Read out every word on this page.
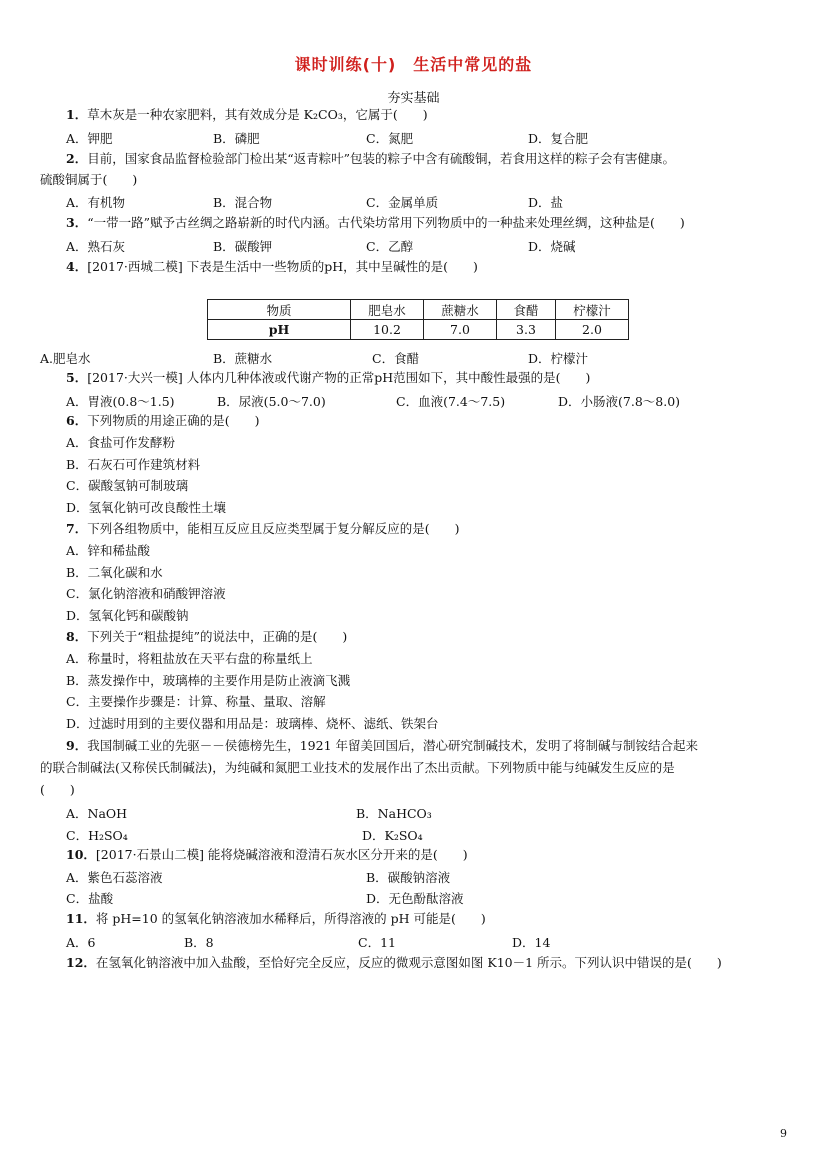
课时训练(十)　生活中常见的盐
夯实基础
1．草木灰是一种农家肥料，其有效成分是 K₂CO₃，它属于(　　)
A．钾肥	B．磷肥	C．氮肥	D．复合肥
2．目前，国家食品监督检验部门检出某“返青粽叶”包装的粽子中含有硫酸铜，若食用这样的粽子会有害健康。
硫酸铜属于(　　)
A．有机物	B．混合物	C．金属单质	D．盐
3．“一带一路”赋予古丝绸之路崭新的时代内涵。古代染坊常用下列物质中的一种盐来处理丝绸，这种盐是(　　)
A．熟石灰	B．碳酸钾	C．乙醇	D．烧碱
4．[2017·西城二模] 下表是生活中一些物质的pH，其中呈碱性的是(　　)
物质	肥皂水	蔗糖水	食醋	柠檬汁
pH	10.2	7.0	3.3	2.0
A.肥皂水	B．蔗糖水	C．食醋	D．柠檬汁
5．[2017·大兴一模] 人体内几种体液或代谢产物的正常pH范围如下，其中酸性最强的是(　　)
A．胃液(0.8～1.5)	B．尿液(5.0～7.0)	C．血液(7.4～7.5)	D．小肠液(7.8～8.0)
6．下列物质的用途正确的是(　　)
A．食盐可作发酵粉
B．石灰石可作建筑材料
C．碳酸氢钠可制玻璃
D．氢氧化钠可改良酸性土壤
7．下列各组物质中，能相互反应且反应类型属于复分解反应的是(　　)
A．锌和稀盐酸
B．二氧化碳和水
C．氯化钠溶液和硝酸钾溶液
D．氢氧化钙和碳酸钠
8．下列关于“粗盐提纯”的说法中，正确的是(　　)
A．称量时，将粗盐放在天平右盘的称量纸上
B．蒸发操作中，玻璃棒的主要作用是防止液滴飞溅
C．主要操作步骤是：计算、称量、量取、溶解
D．过滤时用到的主要仪器和用品是：玻璃棒、烧杯、滤纸、铁架台
9．我国制碱工业的先驱－－侯德榜先生，1921 年留美回国后，潜心研究制碱技术，发明了将制碱与制铵结合起来
的联合制碱法(又称侯氏制碱法)，为纯碱和氮肥工业技术的发展作出了杰出贡献。下列物质中能与纯碱发生反应的是
(　　)
A．NaOH	B．NaHCO₃
C．H₂SO₄	D．K₂SO₄
10．[2017·石景山二模] 能将烧碱溶液和澄清石灰水区分开来的是(　　)
A．紫色石蕊溶液	B．碳酸钠溶液
C．盐酸	D．无色酚酞溶液
11．将 pH=10 的氢氧化钠溶液加水稀释后，所得溶液的 pH 可能是(　　)
A．6	B．8	C．11	D．14
12．在氢氧化钠溶液中加入盐酸，至恰好完全反应，反应的微观示意图如图 K10－1 所示。下列认识中错误的是(　　)
9
